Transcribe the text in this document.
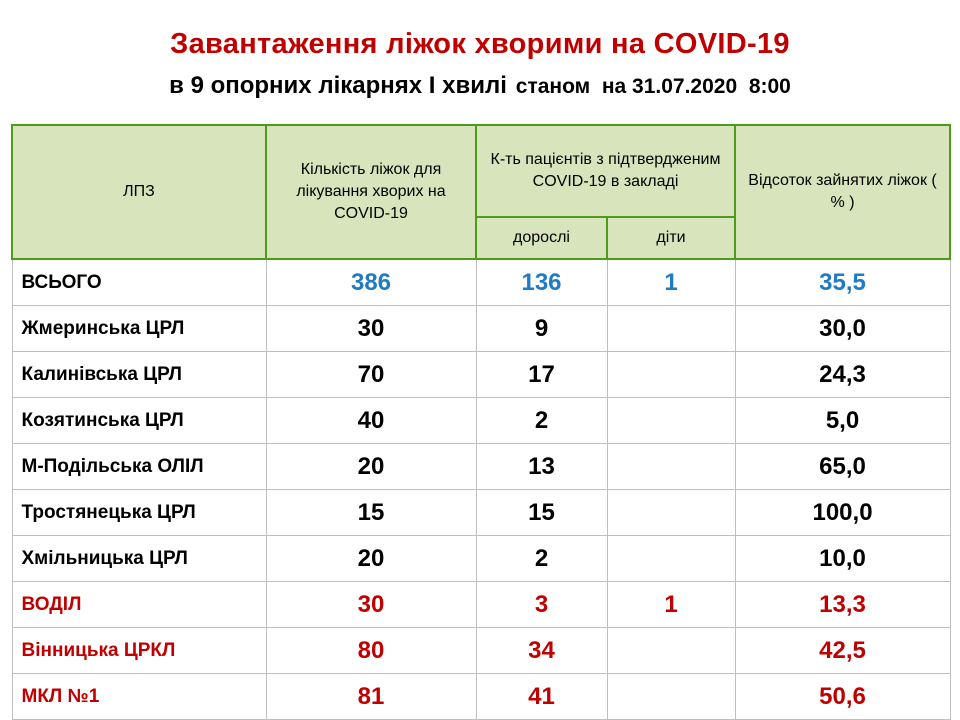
Завантаження ліжок хворими на COVID-19
в 9 опорних лікарнях І хвилі станом  на 31.07.2020  8:00
ЛПЗ	Кількість ліжок для лікування хворих на COVID-19	К-ть пацієнтів з підтвердженим COVID-19 в закладі		Відсоток зайнятих ліжок ( % )
		дорослі	діти	
ВСЬОГО	386	136	1	35,5
Жмеринська ЦРЛ	30	9		30,0
Калинівська ЦРЛ	70	17		24,3
Козятинська ЦРЛ	40	2		5,0
М-Подільська ОЛІЛ	20	13		65,0
Тростянецька ЦРЛ	15	15		100,0
Хмільницька ЦРЛ	20	2		10,0
ВОДІЛ	30	3	1	13,3
Вінницька ЦРКЛ	80	34		42,5
МКЛ №1	81	41		50,6
